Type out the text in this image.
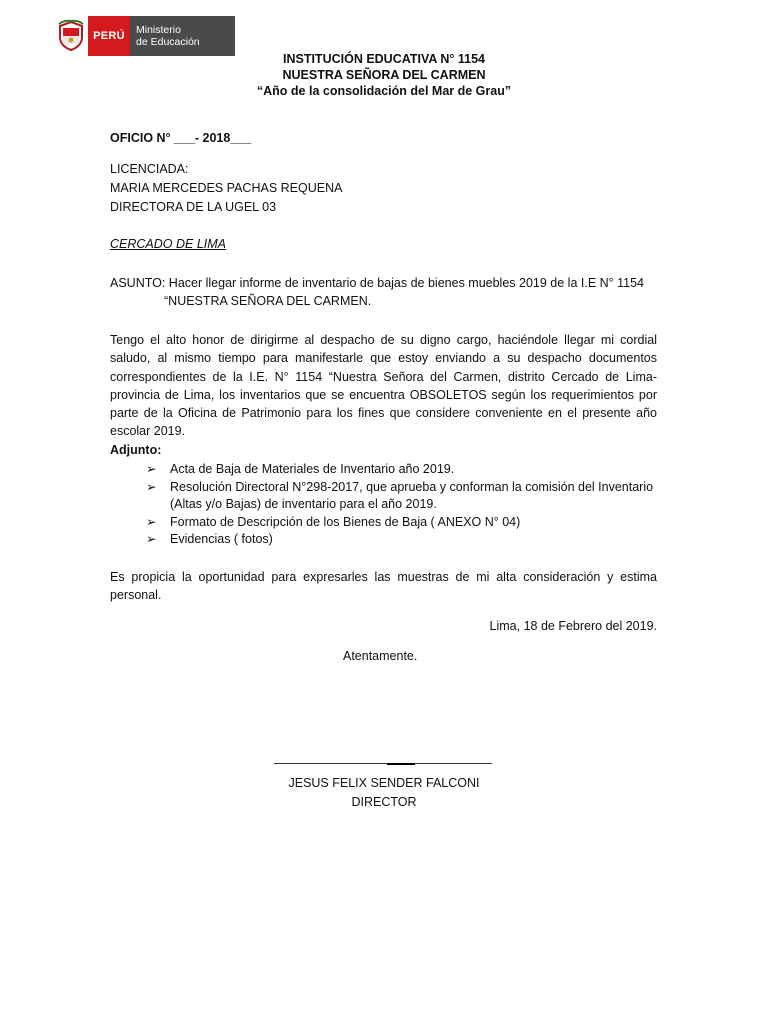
PERÚ	Ministerio
de Educación
INSTITUCIÓN EDUCATIVA N° 1154
NUESTRA SEÑORA DEL CARMEN
“Año de la consolidación del Mar de Grau”
OFICIO N° ___- 2018___
LICENCIADA:
MARIA MERCEDES PACHAS REQUENA
DIRECTORA DE LA UGEL 03
CERCADO DE LIMA
ASUNTO: Hacer llegar informe de inventario de bajas de bienes muebles 2019 de la I.E N° 1154
“NUESTRA SEÑORA DEL CARMEN.
Tengo el alto honor de dirigirme al despacho de su digno cargo, haciéndole llegar mi cordial saludo, al mismo tiempo para manifestarle que estoy enviando a su despacho documentos correspondientes de la I.E. N° 1154 “Nuestra Señora del Carmen, distrito Cercado de Lima-provincia de Lima, los inventarios que se encuentra OBSOLETOS según los requerimientos por parte de la Oficina de Patrimonio para los fines que considere conveniente en el presente año escolar 2019.
Adjunto:
➢ Acta de Baja de Materiales de Inventario año 2019.
➢ Resolución Directoral N°298-2017, que aprueba y conforman la comisión del Inventario (Altas y/o Bajas) de inventario para el año 2019.
➢ Formato de Descripción de los Bienes de Baja ( ANEXO N° 04)
➢ Evidencias ( fotos)
Es propicia la oportunidad para expresarles las muestras de mi alta consideración y estima personal.
Lima, 18 de Febrero del 2019.
Atentamente.
JESUS FELIX SENDER FALCONI
DIRECTOR
